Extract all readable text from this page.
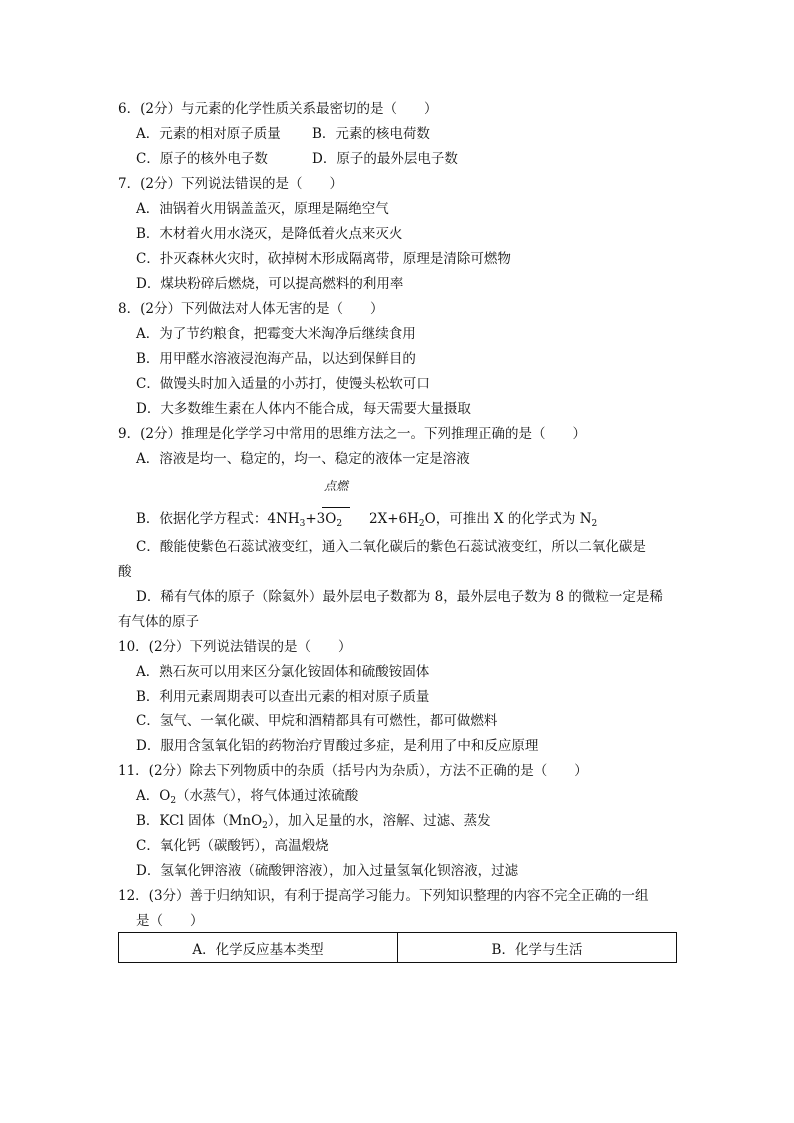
6．(2分）与元素的化学性质关系最密切的是（　　）
A．元素的相对原子质量 B．元素的核电荷数
C．原子的核外电子数	D．原子的最外层电子数
7．(2分）下列说法错误的是（　　）
A．油锅着火用锅盖盖灭，原理是隔绝空气
B．木材着火用水浇灭，是降低着火点来灭火
C．扑灭森林火灾时，砍掉树木形成隔离带，原理是清除可燃物
D．煤块粉碎后燃烧，可以提高燃料的利用率
8．(2分）下列做法对人体无害的是（　　）
A．为了节约粮食，把霉变大米淘净后继续食用
B．用甲醛水溶液浸泡海产品，以达到保鲜目的
C．做馒头时加入适量的小苏打，使馒头松软可口
D．大多数维生素在人体内不能合成，每天需要大量摄取
9．(2分）推理是化学学习中常用的思维方法之一。下列推理正确的是（　　）
A．溶液是均一、稳定的，均一、稳定的液体一定是溶液
点燃
B．依据化学方程式：$4NH_3+3O_2$　　 $2X+6H_2O$，可推出 X 的化学式为 $N_2$
C．酸能使紫色石蕊试液变红，通入二氧化碳后的紫色石蕊试液变红，所以二氧化碳是
酸
D．稀有气体的原子（除氦外）最外层电子数都为 8，最外层电子数为 8 的微粒一定是稀
有气体的原子
10．(2分）下列说法错误的是（　　）
A．熟石灰可以用来区分氯化铵固体和硫酸铵固体
B．利用元素周期表可以查出元素的相对原子质量
C．氢气、一氧化碳、甲烷和酒精都具有可燃性，都可做燃料
D．服用含氢氧化铝的药物治疗胃酸过多症，是利用了中和反应原理
11．(2分）除去下列物质中的杂质（括号内为杂质），方法不正确的是（　　）
A．$O_2$（水蒸气），将气体通过浓硫酸
B．KCl 固体（MnO$_2$），加入足量的水，溶解、过滤、蒸发
C．氧化钙（碳酸钙），高温煅烧
D．氢氧化钾溶液（硫酸钾溶液），加入过量氢氧化钡溶液，过滤
12．(3分）善于归纳知识，有利于提高学习能力。下列知识整理的内容不完全正确的一组
是（　　）
A．化学反应基本类型	B．化学与生活
